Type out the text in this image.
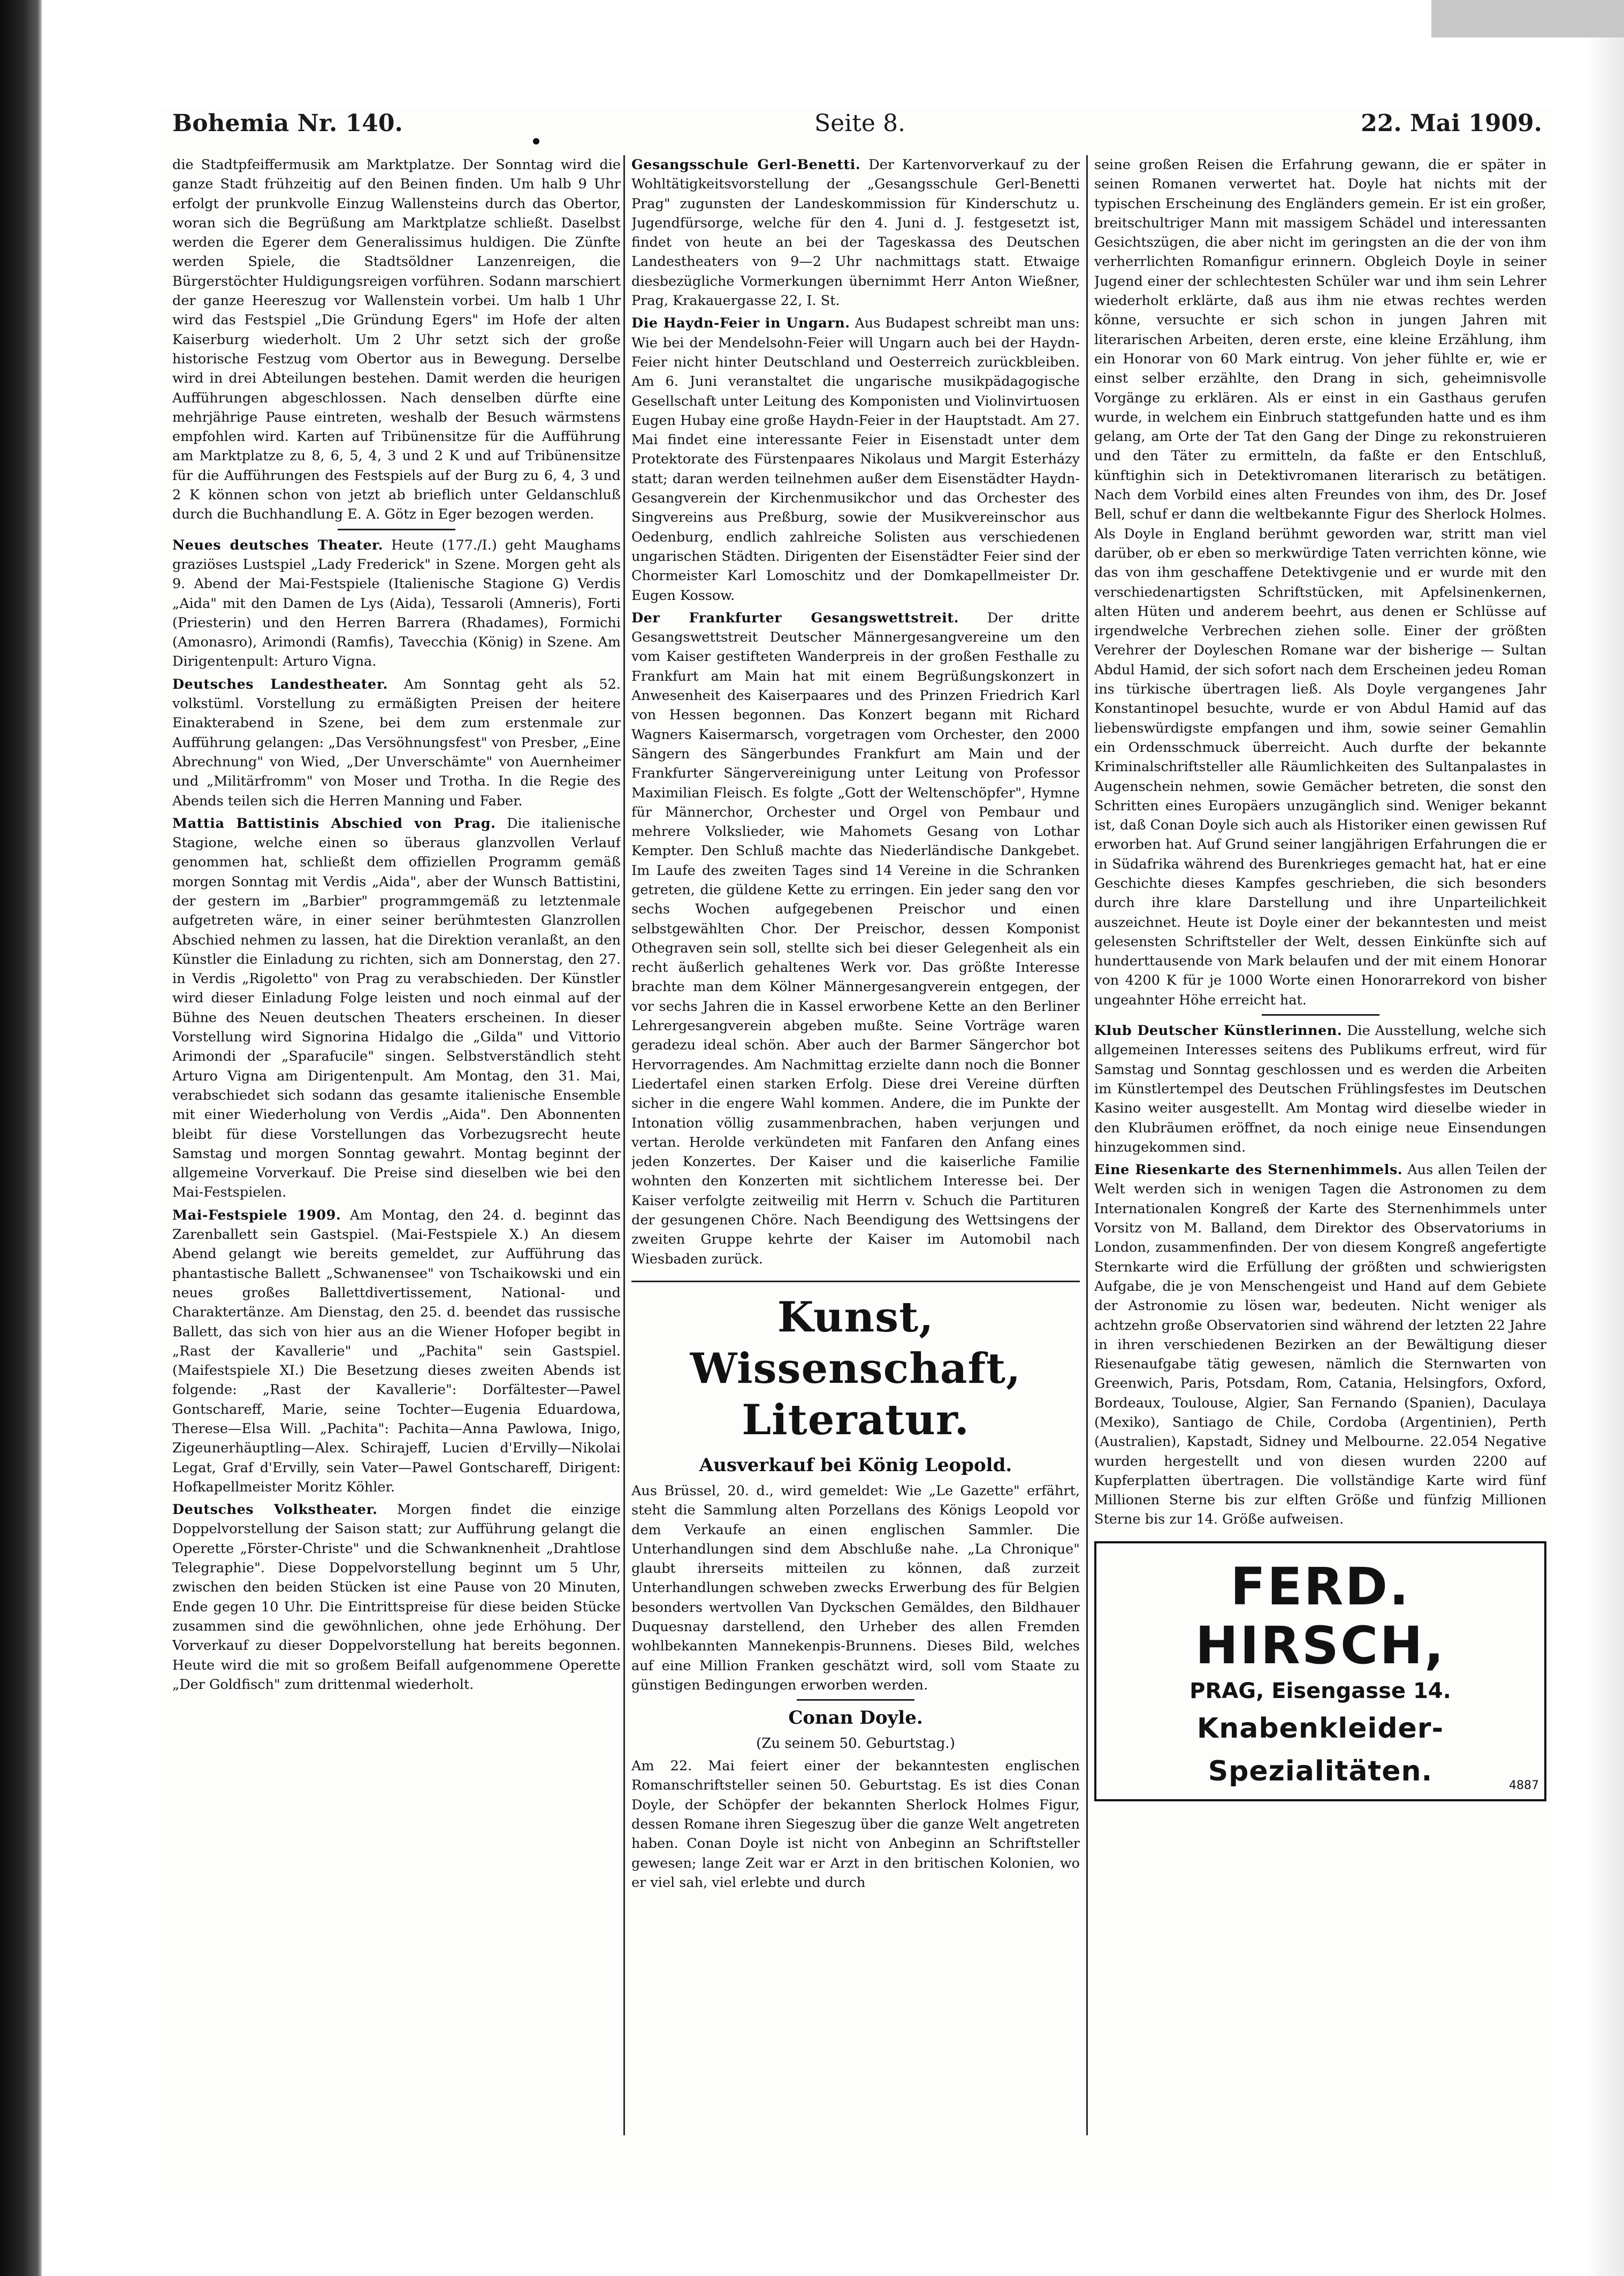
Bohemia Nr. 140.	Seite 8.	22. Mai 1909.

die Stadtpfeiffermusik am Marktplatze. Der Sonntag wird die ganze Stadt frühzeitig auf den Beinen finden. Um halb 9 Uhr erfolgt der prunkvolle Einzug Wallensteins durch das Obertor, woran sich die Begrüßung am Marktplatze schließt. Daselbst werden die Egerer dem Generalissimus huldigen. Die Zünfte werden Spiele, die Stadtsöldner Lanzenreigen, die Bürgerstöchter Huldigungsreigen vorführen. Sodann marschiert der ganze Heereszug vor Wallenstein vorbei. Um halb 1 Uhr wird das Festspiel „Die Gründung Egers" im Hofe der alten Kaiserburg wiederholt. Um 2 Uhr setzt sich der große historische Festzug vom Obertor aus in Bewegung. Derselbe wird in drei Abteilungen bestehen. Damit werden die heurigen Aufführungen abgeschlossen. Nach denselben dürfte eine mehrjährige Pause eintreten, weshalb der Besuch wärmstens empfohlen wird. Karten auf Tribünensitze für die Aufführung am Marktplatze zu 8, 6, 5, 4, 3 und 2 K und auf Tribünensitze für die Aufführungen des Festspiels auf der Burg zu 6, 4, 3 und 2 K können schon von jetzt ab brieflich unter Geldanschluß durch die Buchhandlung E. A. Götz in Eger bezogen werden.

Neues deutsches Theater. Heute (177./I.) geht Maughams graziöses Lustspiel „Lady Frederick" in Szene. Morgen geht als 9. Abend der Mai-Festspiele (Italienische Stagione G) Verdis „Aida" mit den Damen de Lys (Aida), Tessaroli (Amneris), Forti (Priesterin) und den Herren Barrera (Rhadames), Formichi (Amonasro), Arimondi (Ramfis), Tavecchia (König) in Szene. Am Dirigentenpult: Arturo Vigna.

Deutsches Landestheater. Am Sonntag geht als 52. volkstüml. Vorstellung zu ermäßigten Preisen der heitere Einakterabend in Szene, bei dem zum erstenmale zur Aufführung gelangen: „Das Versöhnungsfest" von Presber, „Eine Abrechnung" von Wied, „Der Unverschämte" von Auernheimer und „Militärfromm" von Moser und Trotha. In die Regie des Abends teilen sich die Herren Manning und Faber.

Mattia Battistinis Abschied von Prag. Die italienische Stagione, welche einen so überaus glanzvollen Verlauf genommen hat, schließt dem offiziellen Programm gemäß morgen Sonntag mit Verdis „Aida", aber der Wunsch Battistini, der gestern im „Barbier" programmgemäß zu letztenmale aufgetreten wäre, in einer seiner berühmtesten Glanzrollen Abschied nehmen zu lassen, hat die Direktion veranlaßt, an den Künstler die Einladung zu richten, sich am Donnerstag, den 27. in Verdis „Rigoletto" von Prag zu verabschieden. Der Künstler wird dieser Einladung Folge leisten und noch einmal auf der Bühne des Neuen deutschen Theaters erscheinen. In dieser Vorstellung wird Signorina Hidalgo die „Gilda" und Vittorio Arimondi der „Sparafucile" singen. Selbstverständlich steht Arturo Vigna am Dirigentenpult. Am Montag, den 31. Mai, verabschiedet sich sodann das gesamte italienische Ensemble mit einer Wiederholung von Verdis „Aida". Den Abonnenten bleibt für diese Vorstellungen das Vorbezugsrecht heute Samstag und morgen Sonntag gewahrt. Montag beginnt der allgemeine Vorverkauf. Die Preise sind dieselben wie bei den Mai-Festspielen.

Mai-Festspiele 1909. Am Montag, den 24. d. beginnt das Zarenballett sein Gastspiel. (Mai-Festspiele X.) An diesem Abend gelangt wie bereits gemeldet, zur Aufführung das phantastische Ballett „Schwanensee" von Tschaikowski und ein neues großes Ballettdivertissement, National- und Charaktertänze. Am Dienstag, den 25. d. beendet das russische Ballett, das sich von hier aus an die Wiener Hofoper begibt in „Rast der Kavallerie" und „Pachita" sein Gastspiel. (Maifestspiele XI.) Die Besetzung dieses zweiten Abends ist folgende: „Rast der Kavallerie": Dorfältester—Pawel Gontschareff, Marie, seine Tochter—Eugenia Eduardowa, Therese—Elsa Will. „Pachita": Pachita—Anna Pawlowa, Inigo, Zigeunerhäuptling—Alex. Schirajeff, Lucien d'Ervilly—Nikolai Legat, Graf d'Ervilly, sein Vater—Pawel Gontschareff, Dirigent: Hofkapellmeister Moritz Köhler.

Deutsches Volkstheater. Morgen findet die einzige Doppelvorstellung der Saison statt; zur Aufführung gelangt die Operette „Förster-Christe" und die Schwanknenheit „Drahtlose Telegraphie". Diese Doppelvorstellung beginnt um 5 Uhr, zwischen den beiden Stücken ist eine Pause von 20 Minuten, Ende gegen 10 Uhr. Die Eintrittspreise für diese beiden Stücke zusammen sind die gewöhnlichen, ohne jede Erhöhung. Der Vorverkauf zu dieser Doppelvorstellung hat bereits begonnen. Heute wird die mit so großem Beifall aufgenommene Operette „Der Goldfisch" zum drittenmal wiederholt.

Gesangsschule Gerl-Benetti. Der Kartenvorverkauf zu der Wohltätigkeitsvorstellung der „Gesangsschule Gerl-Benetti Prag" zugunsten der Landeskommission für Kinderschutz u. Jugendfürsorge, welche für den 4. Juni d. J. festgesetzt ist, findet von heute an bei der Tageskassa des Deutschen Landestheaters von 9—2 Uhr nachmittags statt. Etwaige diesbezügliche Vormerkungen übernimmt Herr Anton Wießner, Prag, Krakauergasse 22, I. St.

Die Haydn-Feier in Ungarn. Aus Budapest schreibt man uns: Wie bei der Mendelsohn-Feier will Ungarn auch bei der Haydn-Feier nicht hinter Deutschland und Oesterreich zurückbleiben. Am 6. Juni veranstaltet die ungarische musikpädagogische Gesellschaft unter Leitung des Komponisten und Violinvirtuosen Eugen Hubay eine große Haydn-Feier in der Hauptstadt. Am 27. Mai findet eine interessante Feier in Eisenstadt unter dem Protektorate des Fürstenpaares Nikolaus und Margit Esterházy statt; daran werden teilnehmen außer dem Eisenstädter Haydn-Gesangverein der Kirchenmusikchor und das Orchester des Singvereins aus Preßburg, sowie der Musikvereinschor aus Oedenburg, endlich zahlreiche Solisten aus verschiedenen ungarischen Städten. Dirigenten der Eisenstädter Feier sind der Chormeister Karl Lomoschitz und der Domkapellmeister Dr. Eugen Kossow.

Der Frankfurter Gesangswettstreit. Der dritte Gesangswettstreit Deutscher Männergesangvereine um den vom Kaiser gestifteten Wanderpreis in der großen Festhalle zu Frankfurt am Main hat mit einem Begrüßungskonzert in Anwesenheit des Kaiserpaares und des Prinzen Friedrich Karl von Hessen begonnen. Das Konzert begann mit Richard Wagners Kaisermarsch, vorgetragen vom Orchester, den 2000 Sängern des Sängerbundes Frankfurt am Main und der Frankfurter Sängervereinigung unter Leitung von Professor Maximilian Fleisch. Es folgte „Gott der Weltenschöpfer", Hymne für Männerchor, Orchester und Orgel von Pembaur und mehrere Volkslieder, wie Mahomets Gesang von Lothar Kempter. Den Schluß machte das Niederländische Dankgebet. Im Laufe des zweiten Tages sind 14 Vereine in die Schranken getreten, die güldene Kette zu erringen. Ein jeder sang den vor sechs Wochen aufgegebenen Preischor und einen selbstgewählten Chor. Der Preischor, dessen Komponist Othegraven sein soll, stellte sich bei dieser Gelegenheit als ein recht äußerlich gehaltenes Werk vor. Das größte Interesse brachte man dem Kölner Männergesangverein entgegen, der vor sechs Jahren die in Kassel erworbene Kette an den Berliner Lehrergesangverein abgeben mußte. Seine Vorträge waren geradezu ideal schön. Aber auch der Barmer Sängerchor bot Hervorragendes. Am Nachmittag erzielte dann noch die Bonner Liedertafel einen starken Erfolg. Diese drei Vereine dürften sicher in die engere Wahl kommen. Andere, die im Punkte der Intonation völlig zusammenbrachen, haben verjungen und vertan. Herolde verkündeten mit Fanfaren den Anfang eines jeden Konzertes. Der Kaiser und die kaiserliche Familie wohnten den Konzerten mit sichtlichem Interesse bei. Der Kaiser verfolgte zeitweilig mit Herrn v. Schuch die Partituren der gesungenen Chöre. Nach Beendigung des Wettsingens der zweiten Gruppe kehrte der Kaiser im Automobil nach Wiesbaden zurück.

Kunst, Wissenschaft, Literatur.
Ausverkauf bei König Leopold.

Aus Brüssel, 20. d., wird gemeldet: Wie „Le Gazette" erfährt, steht die Sammlung alten Porzellans des Königs Leopold vor dem Verkaufe an einen englischen Sammler. Die Unterhandlungen sind dem Abschluße nahe. „La Chronique" glaubt ihrerseits mitteilen zu können, daß zurzeit Unterhandlungen schweben zwecks Erwerbung des für Belgien besonders wertvollen Van Dyckschen Gemäldes, den Bildhauer Duquesnay darstellend, den Urheber des allen Fremden wohlbekannten Mannekenpis-Brunnens. Dieses Bild, welches auf eine Million Franken geschätzt wird, soll vom Staate zu günstigen Bedingungen erworben werden.

Conan Doyle.
(Zu seinem 50. Geburtstag.)

Am 22. Mai feiert einer der bekanntesten englischen Romanschriftsteller seinen 50. Geburtstag. Es ist dies Conan Doyle, der Schöpfer der bekannten Sherlock Holmes Figur, dessen Romane ihren Siegeszug über die ganze Welt angetreten haben. Conan Doyle ist nicht von Anbeginn an Schriftsteller gewesen; lange Zeit war er Arzt in den britischen Kolonien, wo er viel sah, viel erlebte und durch

seine großen Reisen die Erfahrung gewann, die er später in seinen Romanen verwertet hat. Doyle hat nichts mit der typischen Erscheinung des Engländers gemein. Er ist ein großer, breitschultriger Mann mit massigem Schädel und interessanten Gesichtszügen, die aber nicht im geringsten an die der von ihm verherrlichten Romanfigur erinnern. Obgleich Doyle in seiner Jugend einer der schlechtesten Schüler war und ihm sein Lehrer wiederholt erklärte, daß aus ihm nie etwas rechtes werden könne, versuchte er sich schon in jungen Jahren mit literarischen Arbeiten, deren erste, eine kleine Erzählung, ihm ein Honorar von 60 Mark eintrug. Von jeher fühlte er, wie er einst selber erzählte, den Drang in sich, geheimnisvolle Vorgänge zu erklären. Als er einst in ein Gasthaus gerufen wurde, in welchem ein Einbruch stattgefunden hatte und es ihm gelang, am Orte der Tat den Gang der Dinge zu rekonstruieren und den Täter zu ermitteln, da faßte er den Entschluß, künftighin sich in Detektivromanen literarisch zu betätigen. Nach dem Vorbild eines alten Freundes von ihm, des Dr. Josef Bell, schuf er dann die weltbekannte Figur des Sherlock Holmes. Als Doyle in England berühmt geworden war, stritt man viel darüber, ob er eben so merkwürdige Taten verrichten könne, wie das von ihm geschaffene Detektivgenie und er wurde mit den verschiedenartigsten Schriftstücken, mit Apfelsinenkernen, alten Hüten und anderem beehrt, aus denen er Schlüsse auf irgendwelche Verbrechen ziehen solle. Einer der größten Verehrer der Doyleschen Romane war der bisherige — Sultan Abdul Hamid, der sich sofort nach dem Erscheinen jedeu Roman ins türkische übertragen ließ. Als Doyle vergangenes Jahr Konstantinopel besuchte, wurde er von Abdul Hamid auf das liebenswürdigste empfangen und ihm, sowie seiner Gemahlin ein Ordensschmuck überreicht. Auch durfte der bekannte Kriminalschriftsteller alle Räumlichkeiten des Sultanpalastes in Augenschein nehmen, sowie Gemächer betreten, die sonst den Schritten eines Europäers unzugänglich sind. Weniger bekannt ist, daß Conan Doyle sich auch als Historiker einen gewissen Ruf erworben hat. Auf Grund seiner langjährigen Erfahrungen die er in Südafrika während des Burenkrieges gemacht hat, hat er eine Geschichte dieses Kampfes geschrieben, die sich besonders durch ihre klare Darstellung und ihre Unparteilichkeit auszeichnet. Heute ist Doyle einer der bekanntesten und meist gelesensten Schriftsteller der Welt, dessen Einkünfte sich auf hunderttausende von Mark belaufen und der mit einem Honorar von 4200 K für je 1000 Worte einen Honorarrekord von bisher ungeahnter Höhe erreicht hat.

Klub Deutscher Künstlerinnen. Die Ausstellung, welche sich allgemeinen Interesses seitens des Publikums erfreut, wird für Samstag und Sonntag geschlossen und es werden die Arbeiten im Künstlertempel des Deutschen Frühlingsfestes im Deutschen Kasino weiter ausgestellt. Am Montag wird dieselbe wieder in den Klubräumen eröffnet, da noch einige neue Einsendungen hinzugekommen sind.

Eine Riesenkarte des Sternenhimmels. Aus allen Teilen der Welt werden sich in wenigen Tagen die Astronomen zu dem Internationalen Kongreß der Karte des Sternenhimmels unter Vorsitz von M. Balland, dem Direktor des Observatoriums in London, zusammenfinden. Der von diesem Kongreß angefertigte Sternkarte wird die Erfüllung der größten und schwierigsten Aufgabe, die je von Menschengeist und Hand auf dem Gebiete der Astronomie zu lösen war, bedeuten. Nicht weniger als achtzehn große Observatorien sind während der letzten 22 Jahre in ihren verschiedenen Bezirken an der Bewältigung dieser Riesenaufgabe tätig gewesen, nämlich die Sternwarten von Greenwich, Paris, Potsdam, Rom, Catania, Helsingfors, Oxford, Bordeaux, Toulouse, Algier, San Fernando (Spanien), Daculaya (Mexiko), Santiago de Chile, Cordoba (Argentinien), Perth (Australien), Kapstadt, Sidney und Melbourne. 22.054 Negative wurden hergestellt und von diesen wurden 2200 auf Kupferplatten übertragen. Die vollständige Karte wird fünf Millionen Sterne bis zur elften Größe und fünfzig Millionen Sterne bis zur 14. Größe aufweisen.

FERD. HIRSCH,
PRAG, Eisengasse 14.
Knabenkleider-Spezialitäten.	4887
